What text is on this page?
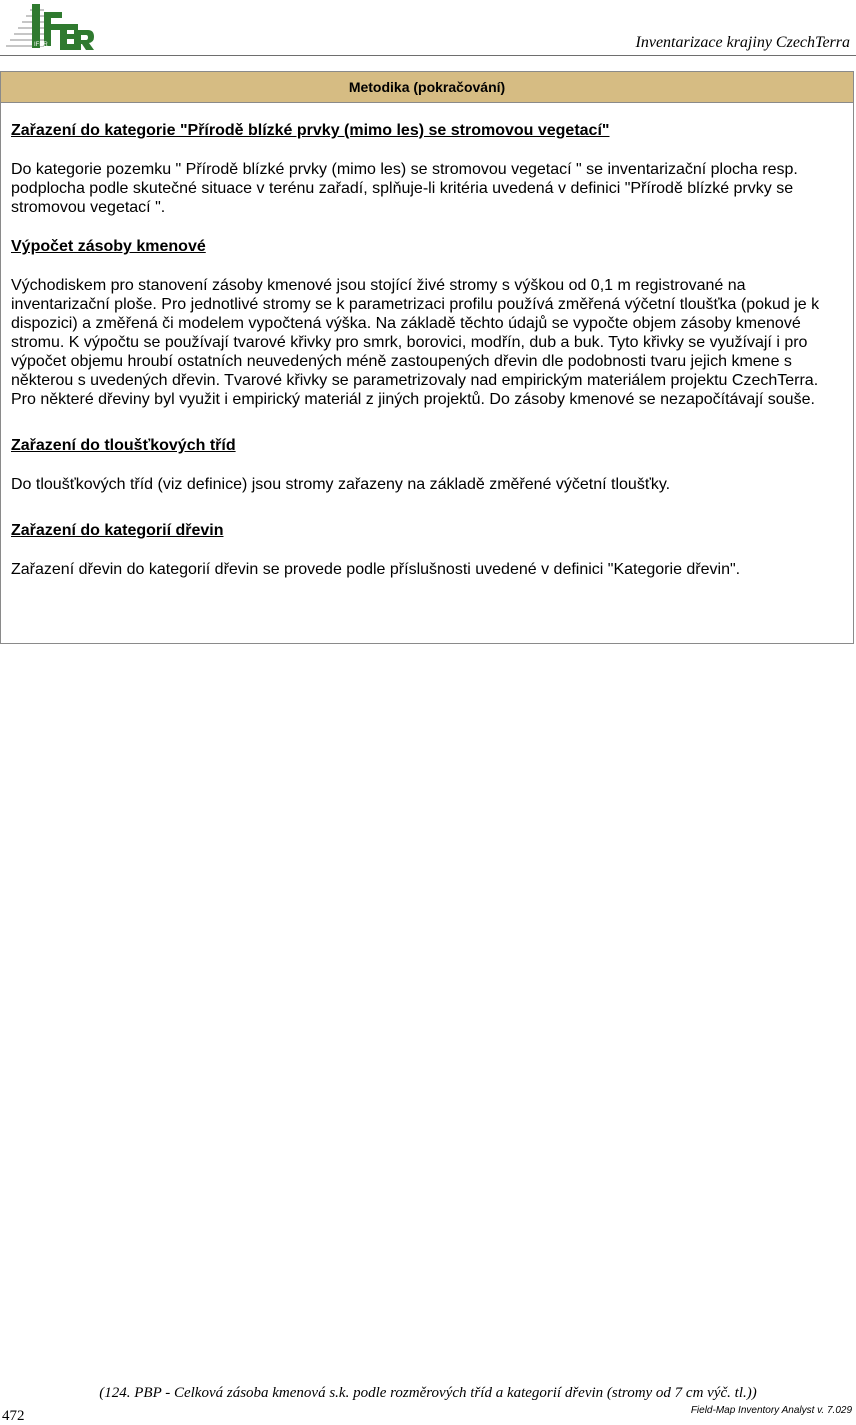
IFER	Inventarizace krajiny CzechTerra
Metodika (pokračování)

Zařazení do kategorie "Přírodě blízké prvky (mimo les) se stromovou vegetací"

Do kategorie pozemku " Přírodě blízké prvky (mimo les) se stromovou vegetací " se inventarizační plocha resp. podplocha podle skutečné situace v terénu zařadí, splňuje-li kritéria uvedená v definici "Přírodě blízké prvky se stromovou vegetací ".

Výpočet zásoby kmenové

Východiskem pro stanovení zásoby kmenové jsou stojící živé stromy s výškou od 0,1 m registrované na inventarizační ploše. Pro jednotlivé stromy se k parametrizaci profilu používá změřená výčetní tloušťka (pokud je k dispozici) a změřená či modelem vypočtená výška. Na základě těchto údajů se vypočte objem zásoby kmenové stromu. K výpočtu se používají tvarové křivky pro smrk, borovici, modřín, dub a buk. Tyto křivky se využívají i pro výpočet objemu hroubí ostatních neuvedených méně zastoupených dřevin dle podobnosti tvaru jejich kmene s některou s uvedených dřevin. Tvarové křivky se parametrizovaly nad empirickým materiálem projektu CzechTerra. Pro některé dřeviny byl využit i empirický materiál z jiných projektů. Do zásoby kmenové se nezapočítávají souše.

Zařazení do tloušťkových tříd

Do tloušťkových tříd (viz definice) jsou stromy zařazeny na základě změřené výčetní tloušťky.

Zařazení do kategorií dřevin

Zařazení dřevin do kategorií dřevin se provede podle příslušnosti uvedené v definici "Kategorie dřevin".

(124. PBP - Celková zásoba kmenová s.k. podle rozměrových tříd a kategorií dřevin (stromy od 7 cm výč. tl.))
472	Field-Map Inventory Analyst v. 7.029
